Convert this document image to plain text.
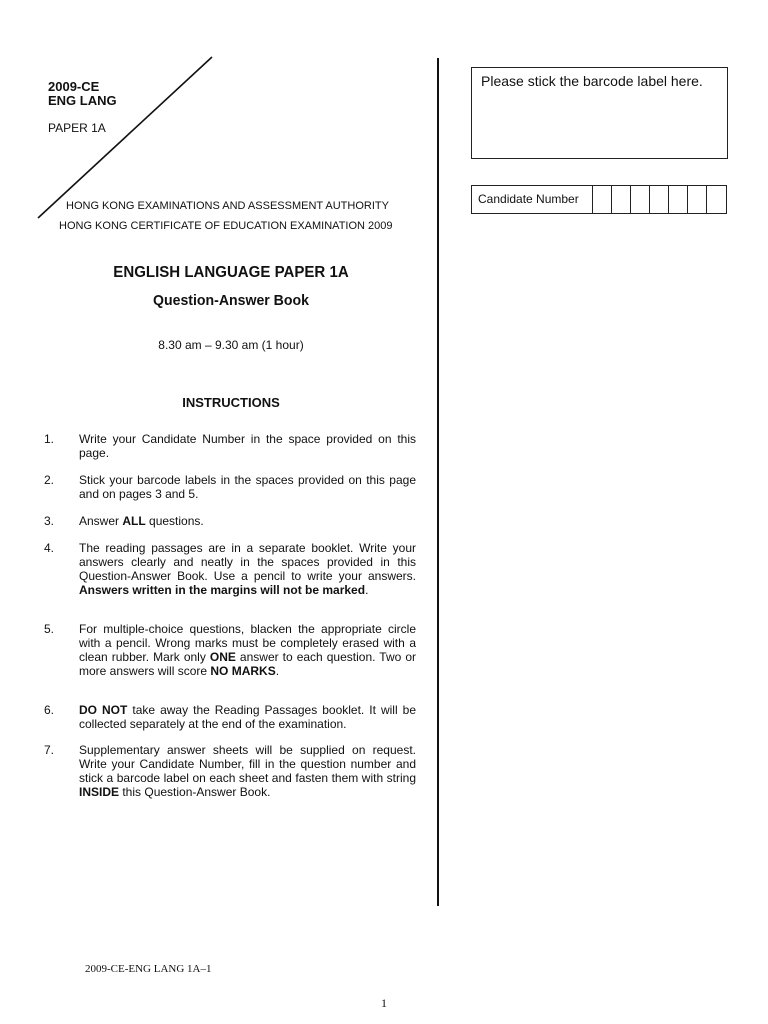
2009-CE
ENG LANG
PAPER 1A
HONG KONG EXAMINATIONS AND ASSESSMENT AUTHORITY
HONG KONG CERTIFICATE OF EDUCATION EXAMINATION 2009
ENGLISH LANGUAGE PAPER 1A
Question-Answer Book
8.30 am – 9.30 am (1 hour)
INSTRUCTIONS
1.	Write your Candidate Number in the space provided on this page.
2.	Stick your barcode labels in the spaces provided on this page and on pages 3 and 5.
3.	Answer ALL questions.
4.	The reading passages are in a separate booklet. Write your answers clearly and neatly in the spaces provided in this Question-Answer Book. Use a pencil to write your answers. Answers written in the margins will not be marked.
5.	For multiple-choice questions, blacken the appropriate circle with a pencil. Wrong marks must be completely erased with a clean rubber. Mark only ONE answer to each question. Two or more answers will score NO MARKS.
6.	DO NOT take away the Reading Passages booklet. It will be collected separately at the end of the examination.
7.	Supplementary answer sheets will be supplied on request. Write your Candidate Number, fill in the question number and stick a barcode label on each sheet and fasten them with string INSIDE this Question-Answer Book.
Please stick the barcode label here.
Candidate Number
2009-CE-ENG LANG 1A–1
1
